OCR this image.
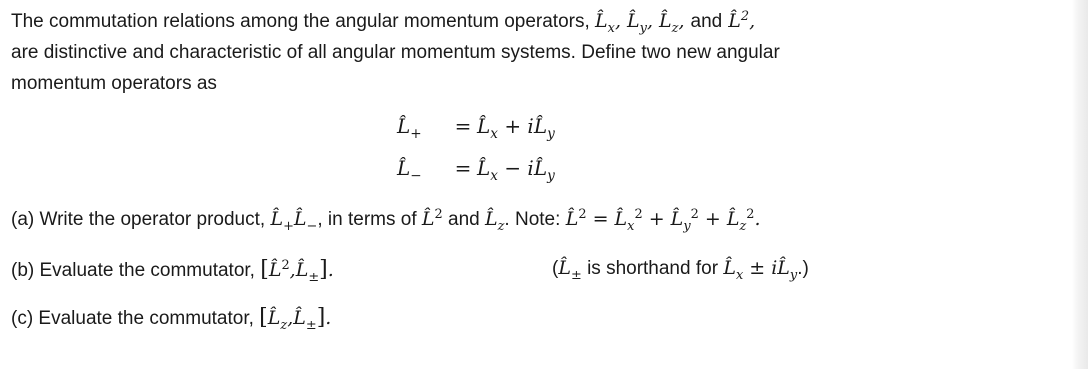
The commutation relations among the angular momentum operators, $L̂_x$, $L̂_y$, $L̂_z$, and L̂$^2$,
are distinctive and characteristic of all angular momentum systems. Define two new angular
momentum operators as

$L̂_+$ = $L̂_x$ + $iL̂_y$
$L̂_-$ = $L̂_x$ − $iL̂_y$
(a) Write the operator product, $L̂_+L̂_-$, in terms of L̂$^2$ and $L̂_z$. Note: L̂$^2$ = $L̂_x^2$ + $L̂_y^2$ + $L̂_z^2$.
(b) Evaluate the commutator, $[L̂^2,L̂_\pm]$.	($L̂_\pm$ is shorthand for $L̂_x$ ± $iL̂_y$.)
(c) Evaluate the commutator, $[L̂_z,L̂_\pm]$.
